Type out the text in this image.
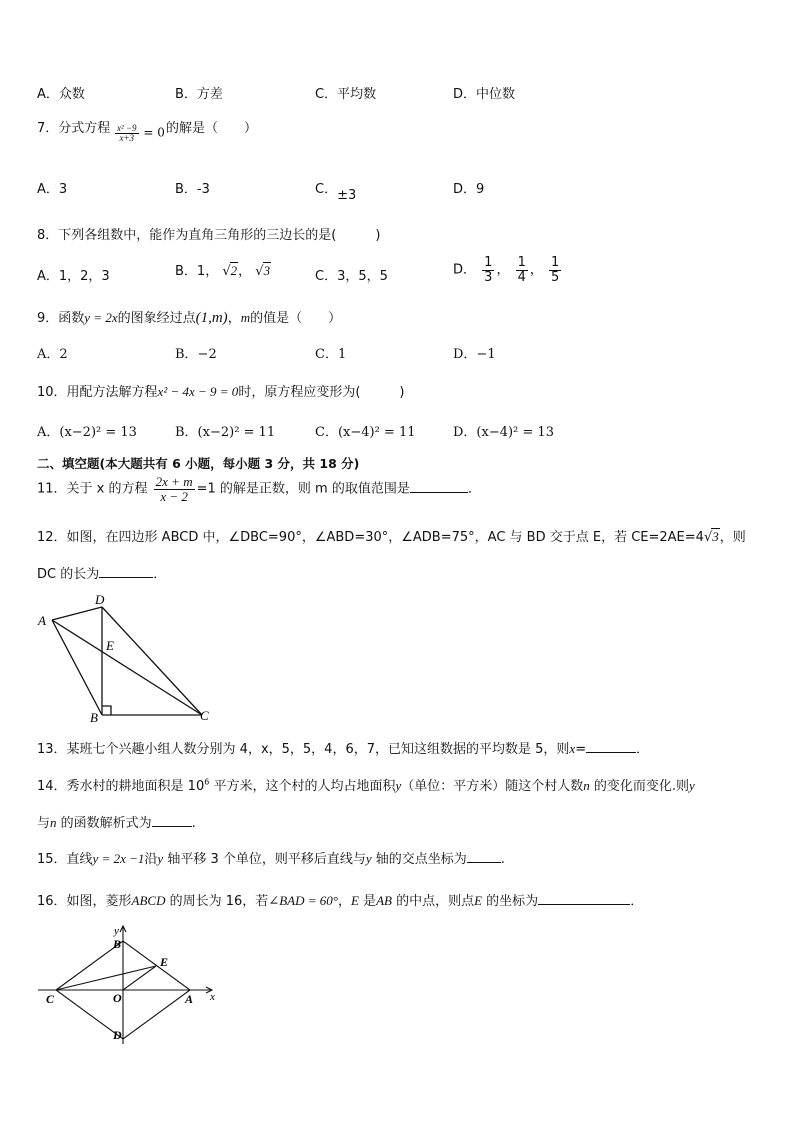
A．众数	B．方差	C．平均数	D．中位数
7．分式方程 $\frac{\text{x² −9}}{x+3} = 0$ 的解是（　　）
A．3	B．-3	C．±3	D．9
8．下列各组数中，能作为直角三角形的三边长的是(　　　)
A．1，2，3	B．1， √ 2 ， √ 3	C．3，5，5	D． $\frac{1}{3}$ ， $\frac{1}{4}$ ， $\frac{1}{5}$
9．函数y = 2x的图象经过点(1,m)，m的值是（　　）
A．2	B．−2	C．1	D．−1
10．用配方法解方程x² − 4x − 9 = 0时，原方程应变形为(　　　)
A．(x−2)² = 13	B．(x−2)² = 11	C．(x−4)² = 11	D．(x−4)² = 13
二、填空题(本大题共有 6 小题，每小题 3 分，共 18 分)
11．关于 x 的方程 $\frac{2x + m}{x - 2} =1$ 的解是正数，则 m 的取值范围是	．
12．如图，在四边形 ABCD 中，∠DBC=90°，∠ABD=30°，∠ADB=75°，AC 与 BD 交于点 E，若 CE=2AE=4 √ 3 ，则
DC 的长为	．
A
D
E
B	C
13．某班七个兴趣小组人数分别为 4，x，5，5，4，6，7，已知这组数据的平均数是 5，则x=	．
14．秀水村的耕地面积是 $10^6$ 平方米，这个村的人均占地面积y（单位：平方米）随这个村人数n 的变化而变化.则y
与n 的函数解析式为	.
15．直线y = 2x −1沿y 轴平移 3 个单位，则平移后直线与y 轴的交点坐标为	.
16．如图，菱形ABCD 的周长为 16，若∠BAD = 60°，E 是AB 的中点，则点E 的坐标为	．
y
x
B
E
C	O	A
D
